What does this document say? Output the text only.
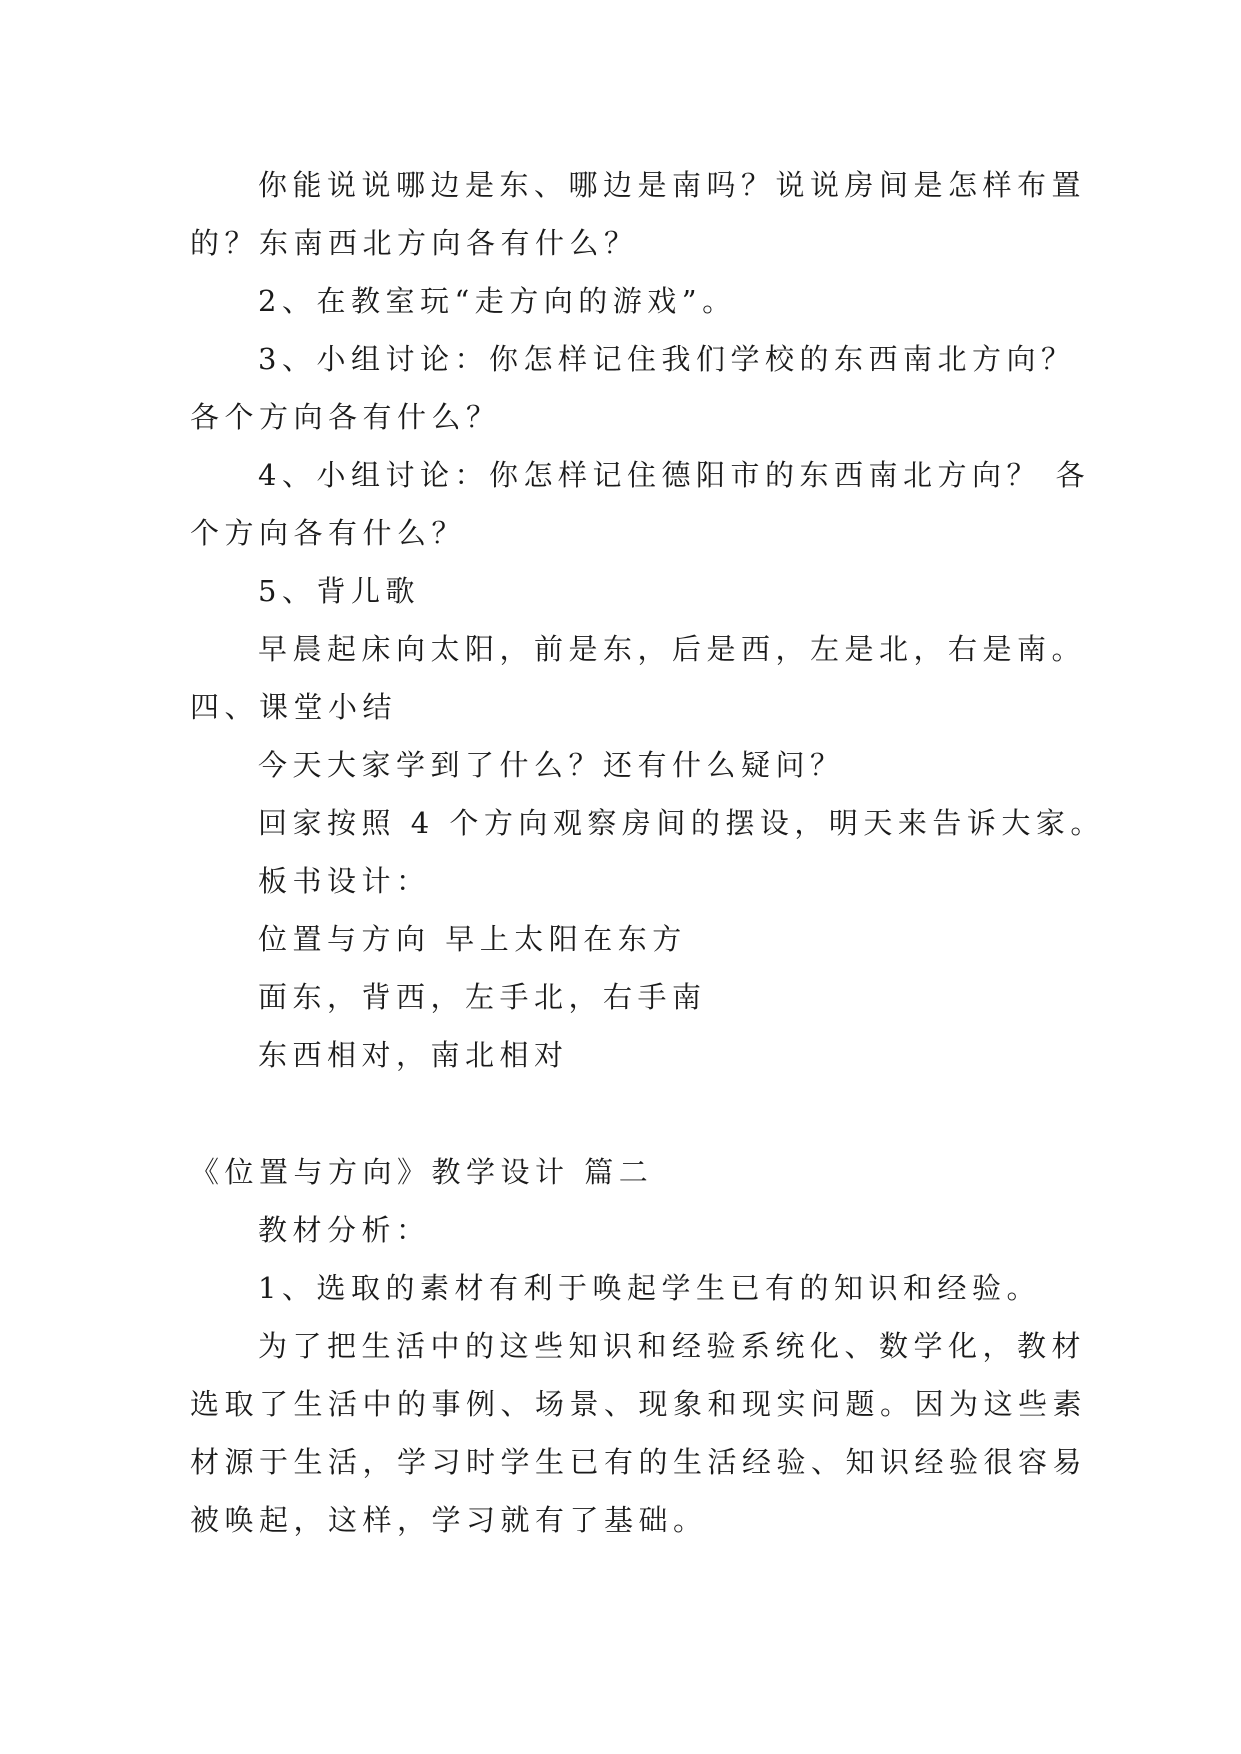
你能说说哪边是东、哪边是南吗？说说房间是怎样布置
的？东南西北方向各有什么？
2、在教室玩“走方向的游戏”。
3、小组讨论：你怎样记住我们学校的东西南北方向？
各个方向各有什么？
4、小组讨论：你怎样记住德阳市的东西南北方向？ 各
个方向各有什么？
5、背儿歌
早晨起床向太阳，前是东，后是西，左是北，右是南。
四、课堂小结
今天大家学到了什么？还有什么疑问？
回家按照 4 个方向观察房间的摆设，明天来告诉大家。
板书设计：
位置与方向 早上太阳在东方
面东，背西，左手北，右手南
东西相对，南北相对
《位置与方向》教学设计 篇二
教材分析：
1、选取的素材有利于唤起学生已有的知识和经验。
为了把生活中的这些知识和经验系统化、数学化，教材
选取了生活中的事例、场景、现象和现实问题。因为这些素
材源于生活，学习时学生已有的生活经验、知识经验很容易
被唤起，这样，学习就有了基础。
